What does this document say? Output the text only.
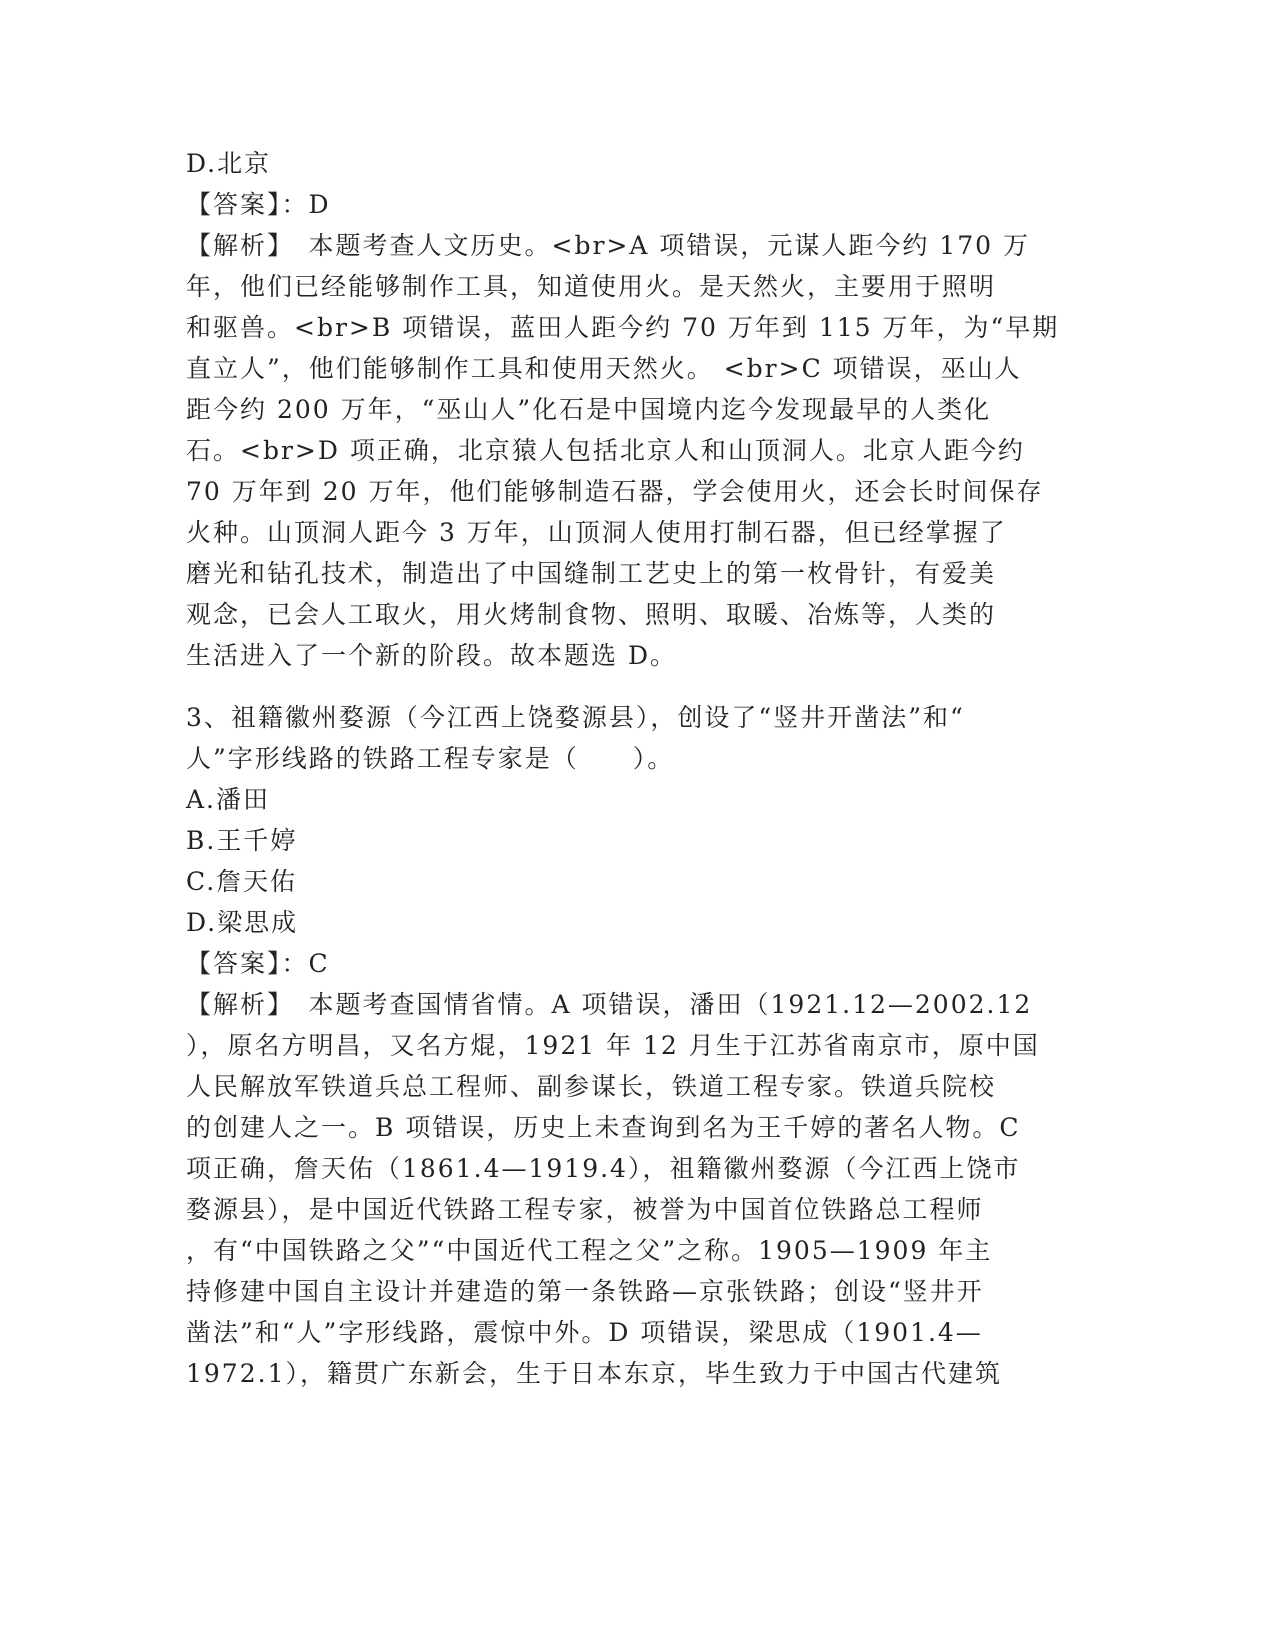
D.北京
【答案】：D
【解析】　本题考查人文历史。<br>A 项错误，元谋人距今约 170 万
年，他们已经能够制作工具，知道使用火。是天然火，主要用于照明
和驱兽。<br>B 项错误，蓝田人距今约 70 万年到 115 万年，为“早期
直立人”，他们能够制作工具和使用天然火。 <br>C 项错误，巫山人
距今约 200 万年，“巫山人”化石是中国境内迄今发现最早的人类化
石。<br>D 项正确，北京猿人包括北京人和山顶洞人。北京人距今约
70 万年到 20 万年，他们能够制造石器，学会使用火，还会长时间保存
火种。山顶洞人距今 3 万年，山顶洞人使用打制石器，但已经掌握了
磨光和钻孔技术，制造出了中国缝制工艺史上的第一枚骨针，有爱美
观念，已会人工取火，用火烤制食物、照明、取暖、冶炼等，人类的
生活进入了一个新的阶段。故本题选 D。
3、祖籍徽州婺源（今江西上饶婺源县），创设了“竖井开凿法”和“
人”字形线路的铁路工程专家是（　　）。
A.潘田
B.王千婷
C.詹天佑
D.梁思成
【答案】：C
【解析】　本题考查国情省情。A 项错误，潘田（1921.12—2002.12
），原名方明昌，又名方焜，1921 年 12 月生于江苏省南京市，原中国
人民解放军铁道兵总工程师、副参谋长，铁道工程专家。铁道兵院校
的创建人之一。B 项错误，历史上未查询到名为王千婷的著名人物。C
项正确，詹天佑（1861.4—1919.4），祖籍徽州婺源（今江西上饶市
婺源县），是中国近代铁路工程专家，被誉为中国首位铁路总工程师
，有“中国铁路之父”“中国近代工程之父”之称。1905—1909 年主
持修建中国自主设计并建造的第一条铁路—京张铁路；创设“竖井开
凿法”和“人”字形线路，震惊中外。D 项错误，梁思成（1901.4—
1972.1），籍贯广东新会，生于日本东京，毕生致力于中国古代建筑
